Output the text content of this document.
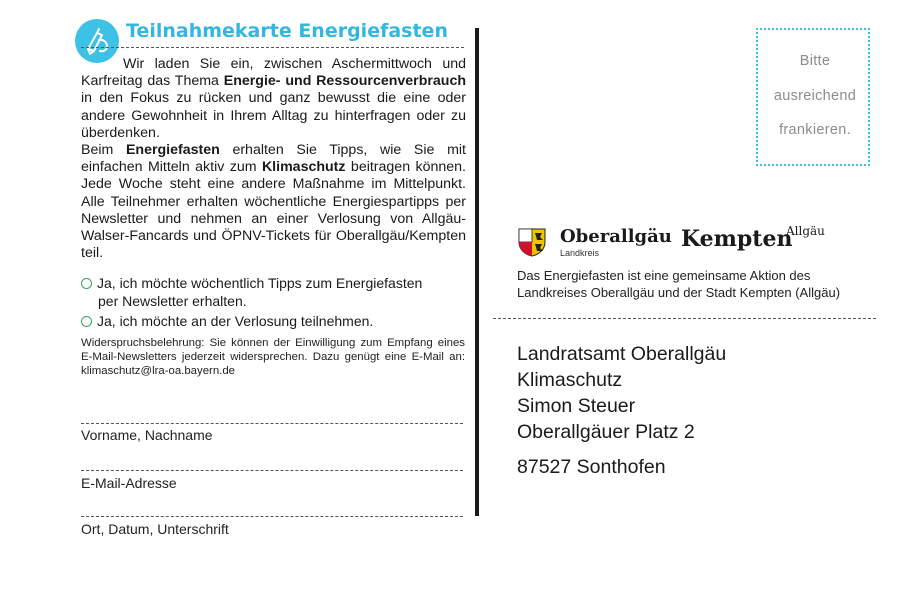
Teilnahmekarte Energiefasten

Wir laden Sie ein, zwischen Aschermittwoch und Karfreitag das Thema Energie- und Ressourcenverbrauch in den Fokus zu rücken und ganz bewusst die eine oder andere Gewohnheit in Ihrem Alltag zu hinterfragen oder zu überdenken.

Beim Energiefasten erhalten Sie Tipps, wie Sie mit einfachen Mitteln aktiv zum Klimaschutz beitragen können. Jede Woche steht eine andere Maßnahme im Mittelpunkt. Alle Teilnehmer erhalten wöchentliche Energiespartipps per Newsletter und nehmen an einer Verlosung von Allgäu-Walser-Fancards und ÖPNV-Tickets für Oberallgäu/Kempten teil.

Ja, ich möchte wöchentlich Tipps zum Energiefasten
per Newsletter erhalten.
Ja, ich möchte an der Verlosung teilnehmen.
Widerspruchsbelehrung: Sie können der Einwilligung zum Empfang eines E-Mail-Newsletters jederzeit widersprechen. Dazu genügt eine E-Mail an: klimaschutz@lra-oa.bayern.de
Vorname, Nachname
E-Mail-Adresse
Ort, Datum, Unterschrift
Bitte
ausreichend
frankieren.
Oberallgäu
Landkreis
Kempten
Allgäu
Das Energiefasten ist eine gemeinsame Aktion des Landkreises Oberallgäu und der Stadt Kempten (Allgäu)
Landratsamt Oberallgäu
Klimaschutz
Simon Steuer
Oberallgäuer Platz 2
87527 Sonthofen
